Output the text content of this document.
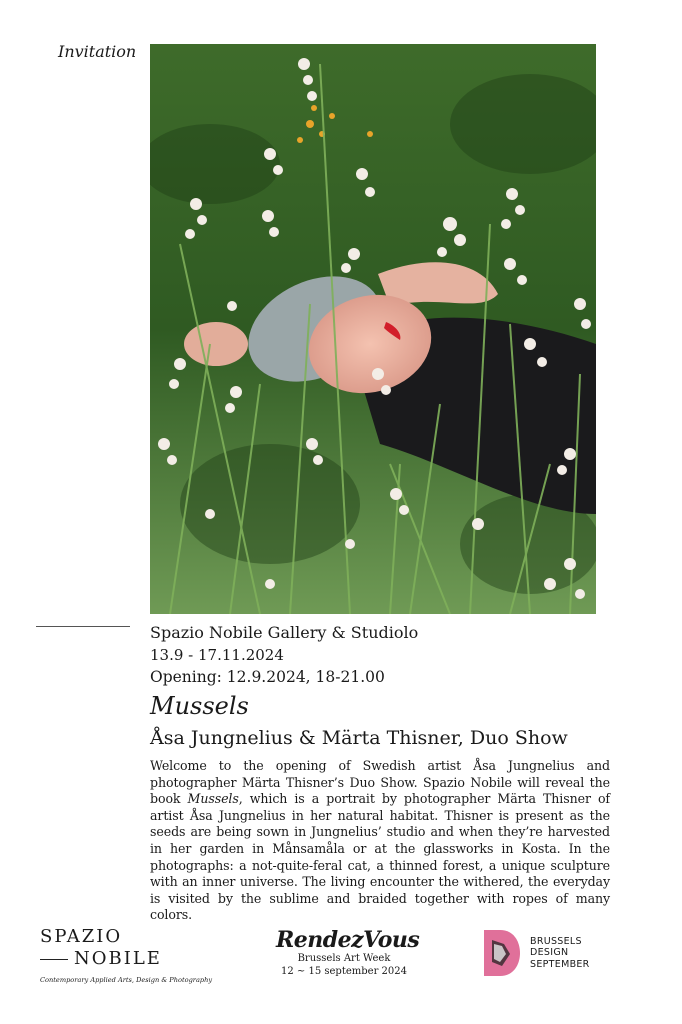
Invitation
Spazio Nobile Gallery & Studiolo
13.9 - 17.11.2024
Opening: 12.9.2024, 18-21.00
Mussels
Åsa Jungnelius & Märta Thisner, Duo Show
Welcome to the opening of Swedish artist Åsa Jungnelius and photographer Märta Thisner’s Duo Show. Spazio Nobile will reveal the book Mussels, which is a portrait by photographer Märta Thisner of artist Åsa Jungnelius in her natural habitat. Thisner is present as the seeds are being sown in Jungnelius’ studio and when they’re harvested in her garden in Månsamåla or at the glassworks in Kosta. In the photographs: a not-quite-feral cat, a thinned forest, a unique sculpture with an inner universe. The living encounter the withered, the everyday is visited by the sublime and braided together with ropes of many colors.
SPAZIO
NOBILE
Contemporary Applied Arts, Design & Photography
RendezVous
Brussels Art Week
12 ~ 15 september 2024
BRUSSELS
DESIGN
SEPTEMBER
